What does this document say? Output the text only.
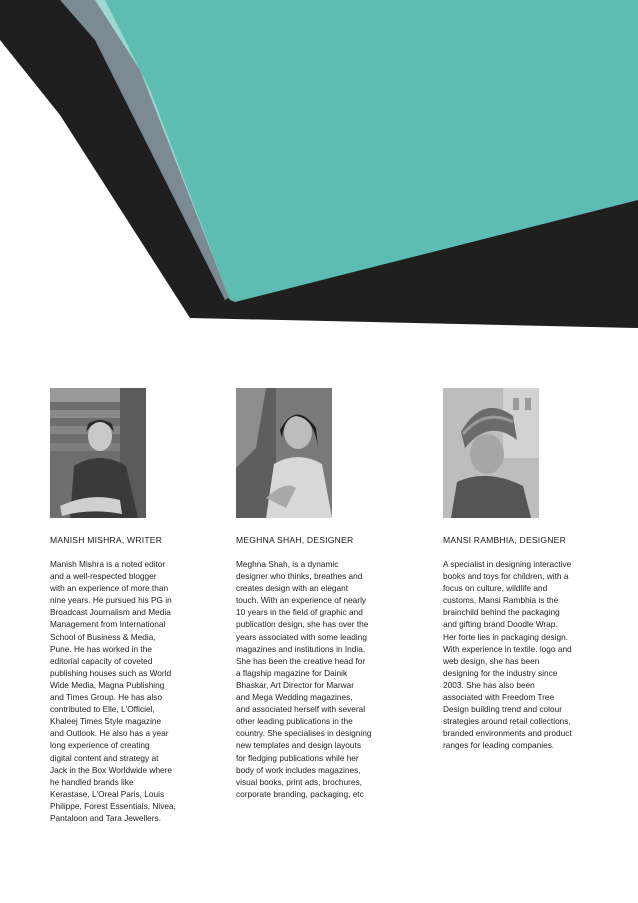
MANISH MISHRA, WRITER
Manish Mishra is a noted editor
and a well-respected blogger
with an experience of more than
nine years. He pursued his PG in
Broadcast Journalism and Media
Management from International
School of Business & Media,
Pune. He has worked in the
editorial capacity of coveted
publishing houses such as World
Wide Media, Magna Publishing
and Times Group. He has also
contributed to Elle, L'Officiel,
Khaleej Times Style magazine
and Outlook. He also has a year
long experience of creating
digital content and strategy at
Jack in the Box Worldwide where
he handled brands like
Kerastase, L'Oreal Paris, Louis
Philippe, Forest Essentials, Nivea,
Pantaloon and Tara Jewellers.
MEGHNA SHAH, DESIGNER
Meghna Shah, is a dynamic
designer who thinks, breathes and
creates design with an elegant
touch. With an experience of nearly
10 years in the field of graphic and
publication design, she has over the
years associated with some leading
magazines and institutions in India.
She has been the creative head for
a flagship magazine for Dainik
Bhaskar, Art Director for Marwar
and Mega Wedding magazines,
and associated herself with several
other leading publications in the
country. She specialises in designing
new templates and design layouts
for fledging publications while her
body of work includes magazines,
visual books, print ads, brochures,
corporate branding, packaging, etc
MANSI RAMBHIA, DESIGNER
A specialist in designing interactive
books and toys for children, with a
focus on culture, wildlife and
customs, Mansi Rambhia is the
brainchild behind the packaging
and gifting brand Doodle Wrap.
Her forte lies in packaging design.
With experience in textile. logo and
web design, she has been
designing for the industry since
2003. She has also been
associated with Freedom Tree
Design building trend and colour
strategies around retail collections,
branded environments and product
ranges for leading companies.
